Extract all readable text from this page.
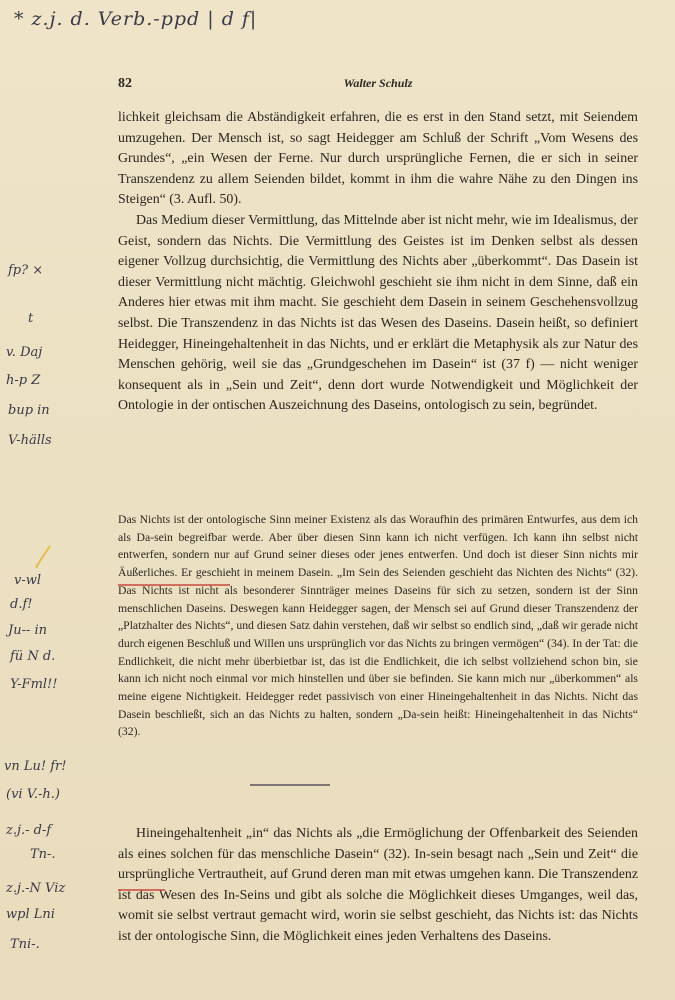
* z.j. d. Verb.-ppd | d f|
82	Walter Schulz

lichkeit gleichsam die Abständigkeit erfahren, die es erst in den Stand setzt, mit Seiendem umzugehen. Der Mensch ist, so sagt Heidegger am Schluß der Schrift „Vom Wesens des Grundes“, „ein Wesen der Ferne. Nur durch ursprüngliche Fernen, die er sich in seiner Transzendenz zu allem Seienden bildet, kommt in ihm die wahre Nähe zu den Dingen ins Steigen“ (3. Aufl. 50).

Das Medium dieser Vermittlung, das Mittelnde aber ist nicht mehr, wie im Idealismus, der Geist, sondern das Nichts. Die Vermittlung des Geistes ist im Denken selbst als dessen eigener Vollzug durchsichtig, die Vermittlung des Nichts aber „überkommt“. Das Dasein ist dieser Vermittlung nicht mächtig. Gleichwohl geschieht sie ihm nicht in dem Sinne, daß ein Anderes hier etwas mit ihm macht. Sie geschieht dem Dasein in seinem Geschehensvollzug selbst. Die Transzendenz in das Nichts ist das Wesen des Daseins. Dasein heißt, so definiert Heidegger, Hineingehaltenheit in das Nichts, und er erklärt die Metaphysik als zur Natur des Menschen gehörig, weil sie das „Grundgeschehen im Dasein“ ist (37 f) — nicht weniger konsequent als in „Sein und Zeit“, denn dort wurde Notwendigkeit und Möglichkeit der Ontologie in der ontischen Auszeichnung des Daseins, ontologisch zu sein, begründet.

Das Nichts ist der ontologische Sinn meiner Existenz als das Woraufhin des primären Entwurfes, aus dem ich als Da-sein begreifbar werde. Aber über diesen Sinn kann ich nicht verfügen. Ich kann ihn selbst nicht entwerfen, sondern nur auf Grund seiner dieses oder jenes entwerfen. Und doch ist dieser Sinn nichts mir Äußerliches. Er geschieht in meinem Dasein. „Im Sein des Seienden geschieht das Nichten des Nichts“ (32). Das Nichts ist nicht als besonderer Sinnträger meines Daseins für sich zu setzen, sondern ist der Sinn menschlichen Daseins. Deswegen kann Heidegger sagen, der Mensch sei auf Grund dieser Transzendenz der „Platzhalter des Nichts“, und diesen Satz dahin verstehen, daß wir selbst so endlich sind, „daß wir gerade nicht durch eigenen Beschluß und Willen uns ursprünglich vor das Nichts zu bringen vermögen“ (34). In der Tat: die Endlichkeit, die nicht mehr überbietbar ist, das ist die Endlichkeit, die ich selbst vollziehend schon bin, sie kann ich nicht noch einmal vor mich hinstellen und über sie befinden. Sie kann mich nur „überkommen“ als meine eigene Nichtigkeit. Heidegger redet passivisch von einer Hineingehaltenheit in das Nichts. Nicht das Dasein beschließt, sich an das Nichts zu halten, sondern „Da-sein heißt: Hineingehaltenheit in das Nichts“ (32).

Hineingehaltenheit „in“ das Nichts als „die Ermöglichung der Offenbarkeit des Seienden als eines solchen für das menschliche Dasein“ (32). In-sein besagt nach „Sein und Zeit“ die ursprüngliche Vertrautheit, auf Grund deren man mit etwas umgehen kann. Die Transzendenz ist das Wesen des In-Seins und gibt als solche die Möglichkeit dieses Umganges, weil das, womit sie selbst vertraut gemacht wird, worin sie selbst geschieht, das Nichts ist: das Nichts ist der ontologische Sinn, die Möglichkeit eines jeden Verhaltens des Daseins.

fp? ×
t
v. Daj
h-p Z
bup in
V-hälls
v-wl
d.f!
Ju-- in
fü N d.
Y-Fml!!
vn Lu! fr!
(vi V.-h.)
z.j.- d-f
Tn-.
z.j.-N Viz
wpl Lni
Tni-.
